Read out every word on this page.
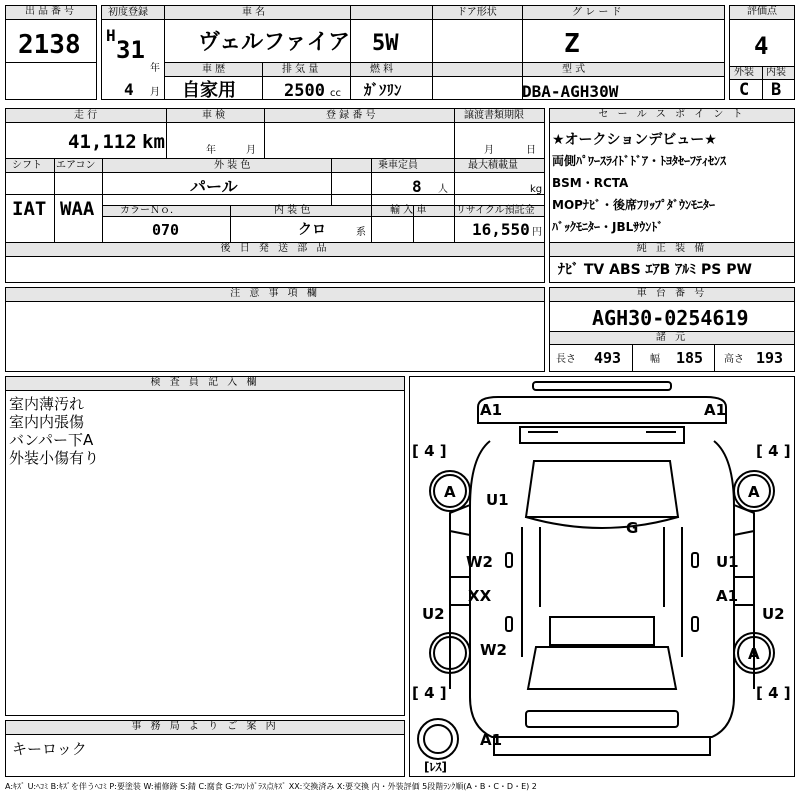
出品番号
2138
初度登録	車 名	ドア形状	グ レ ー ド
H
31
年
4 月
ヴェルファイア 5W	Z
車 歴	排 気 量	燃 料	型 式
自家用	2500 cc ｶﾞｿﾘﾝ	DBA-AGH30W
評価点
4
外装 内装
C B
後 日 発 送 部 品
走 行	車 検	登 録 番 号	譲渡書類期限
41,112 km	年	月	月	日
シフト エアコン	外 装 色	乗車定員	最大積載量
IAT WAA
パール	8 人	kg
カラーＮｏ.	内 装 色	輸 入 車	リサイクル預託金
070	クロ	系	16,550 円
セ ー ル ス ポ イ ン ト
★オークションデビュー★
両側ﾊﾟﾜｰｽﾗｲﾄﾞﾄﾞｱ・ﾄﾖﾀｾｰﾌﾃｨｾﾝｽ
BSM・RCTA
MOPﾅﾋﾞ・後席ﾌﾘｯﾌﾟﾀﾞｳﾝﾓﾆﾀｰ
ﾊﾞｯｸﾓﾆﾀｰ・JBLｻｳﾝﾄﾞ
純 正 装 備
ﾅﾋﾞ TV ABS ｴｱB ｱﾙﾐ PS PW
注 意 事 項 欄	車 台 番 号
AGH30-0254619
諸 元
長さ 493	幅 185 高さ 193
検 査 員 記 入 欄
室内薄汚れ
室内内張傷
バンパー下A
外装小傷有り
事 務 局 よ り ご 案 内
キーロック
A1	A1
[ 4 ]	[ 4 ]
A	A
U1
G
W2	U1
XX	A1
U2	U2
W2	A
[ 4 ]	[ 4 ]
A1
[ﾚｽ]
A:ｷｽﾞ U:ﾍｺﾐ B:ｷｽﾞを伴うﾍｺﾐ P:要塗装 W:補修跡 S:錆 C:腐食 G:ﾌﾛﾝﾄｶﾞﾗｽ点ｷｽﾞ XX:交換済み X:要交換 内・外装評価 5段階ﾗﾝｸ順(A・B・C・D・E) 2
